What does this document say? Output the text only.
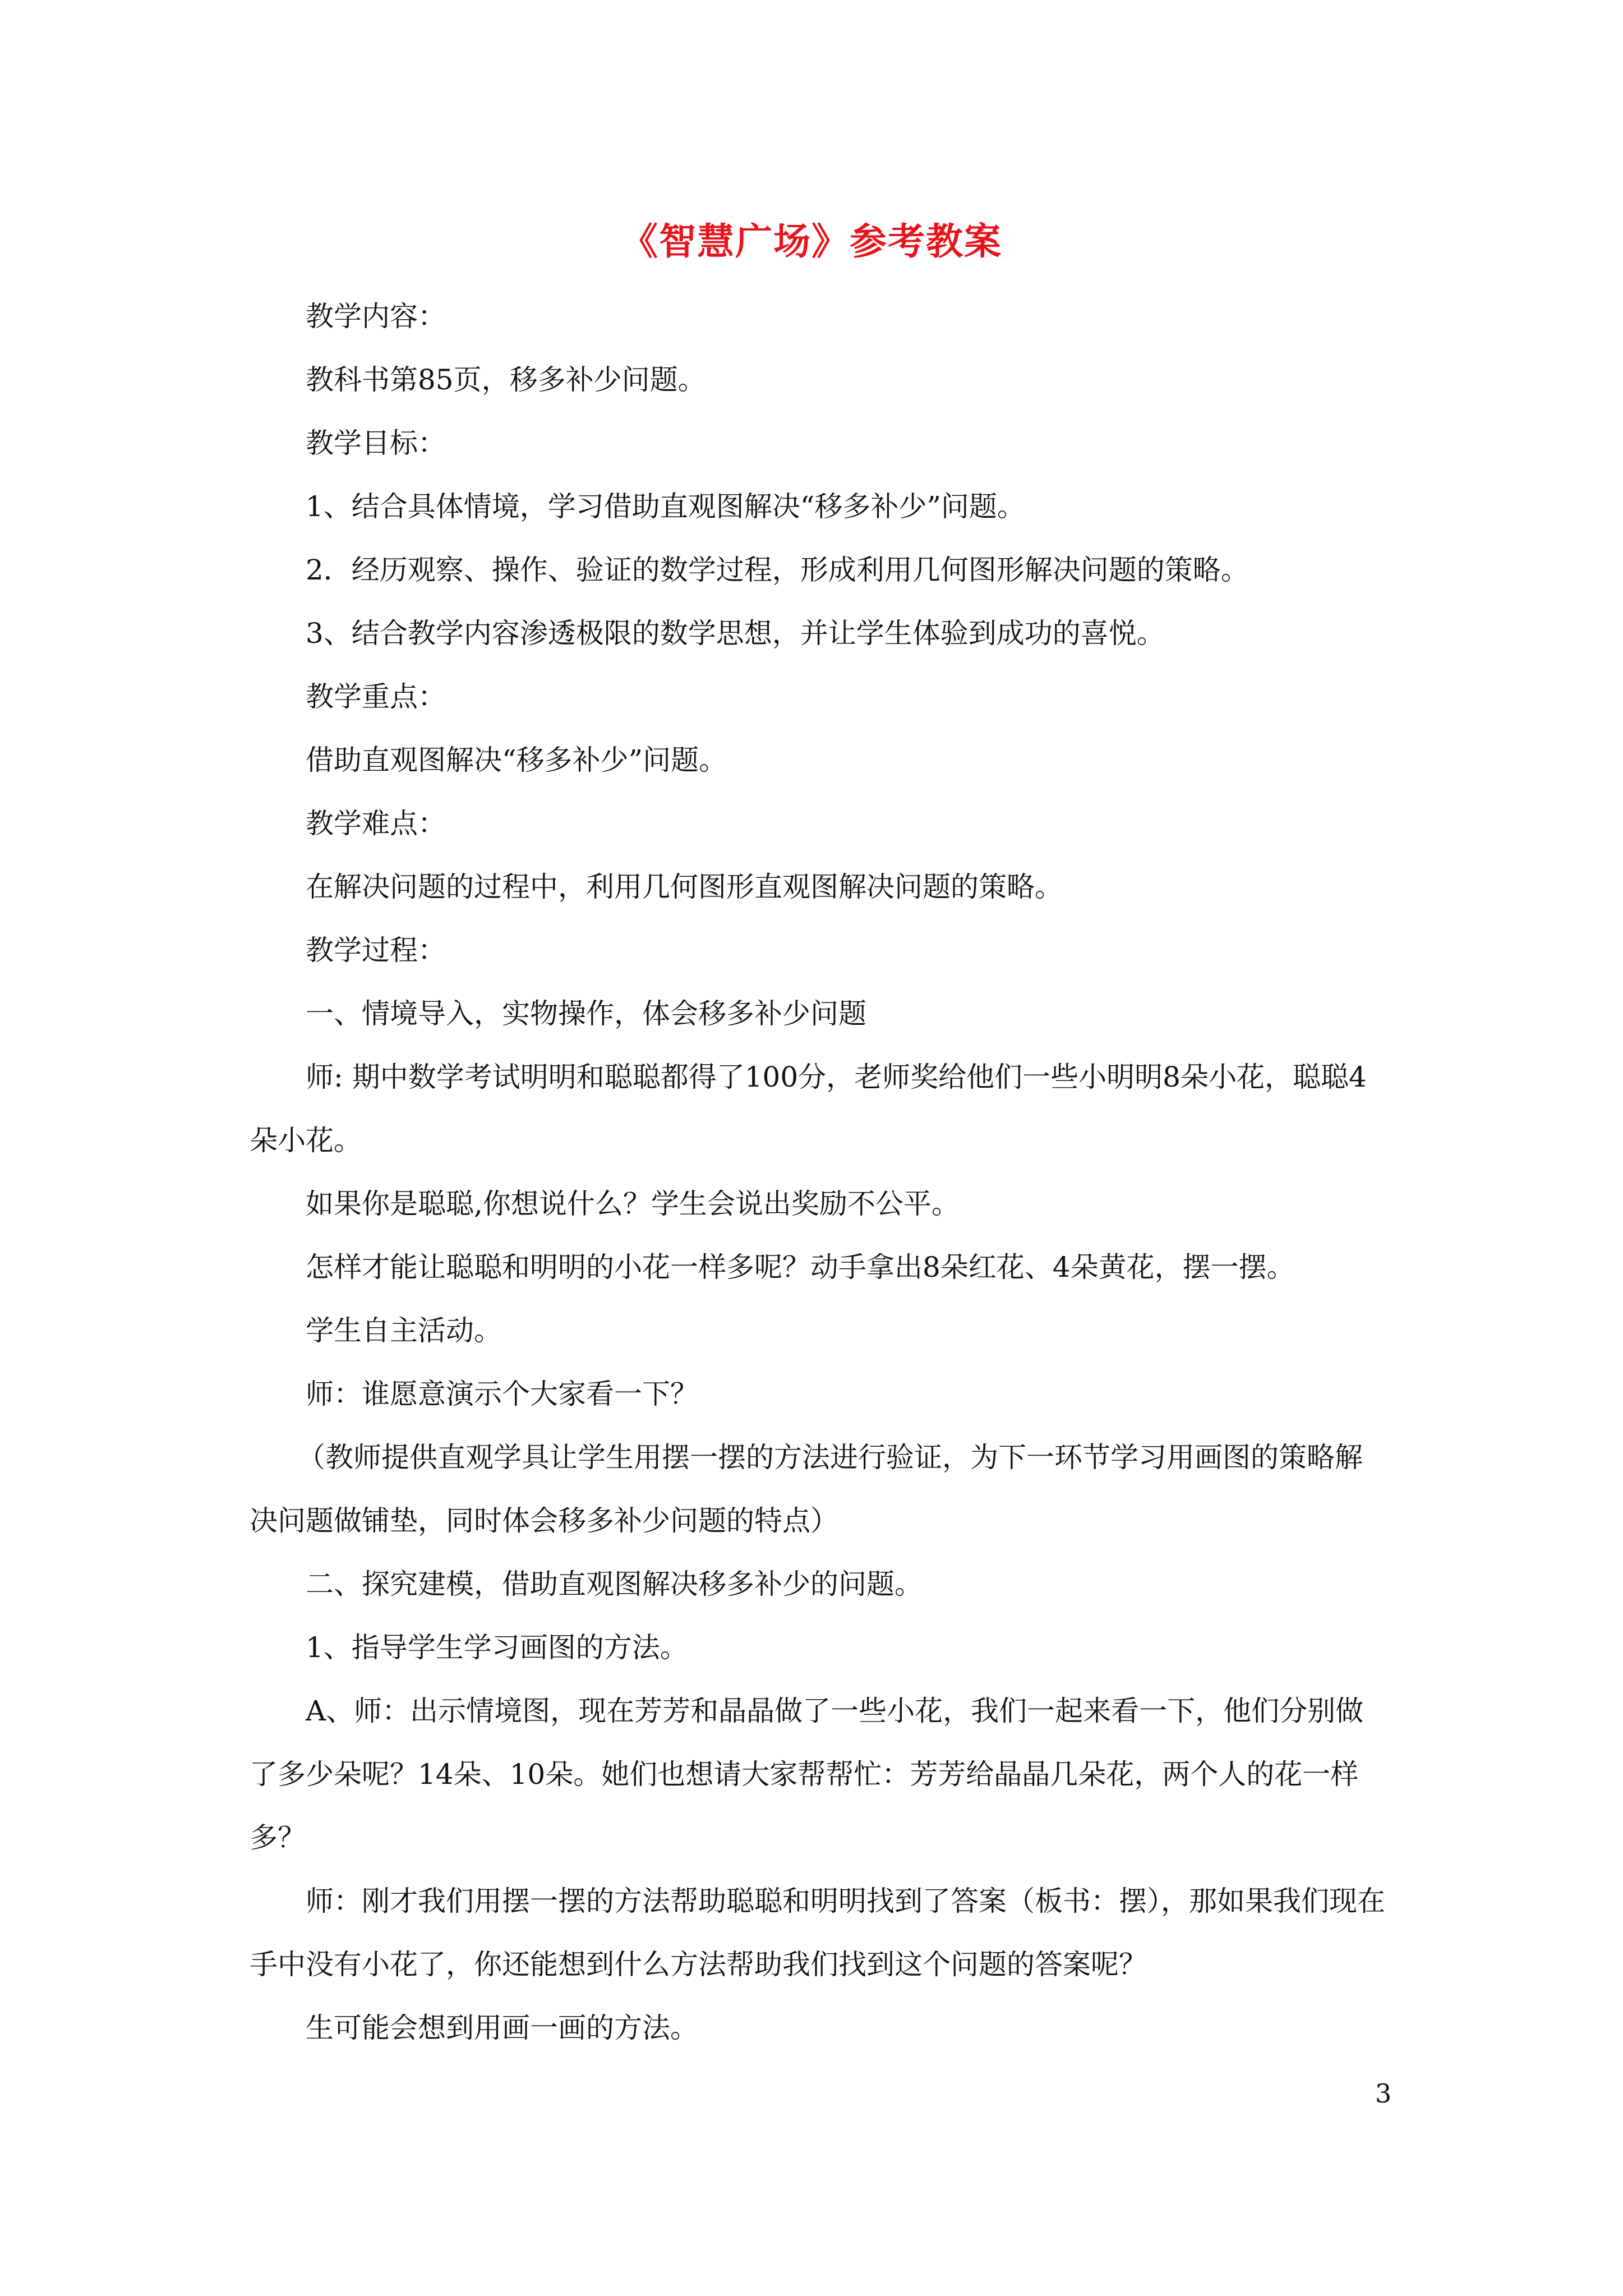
《智慧广场》参考教案

教学内容：

教科书第85页，移多补少问题。

教学目标：

1、结合具体情境，学习借助直观图解决“移多补少”问题。

2．经历观察、操作、验证的数学过程，形成利用几何图形解决问题的策略。

3、结合教学内容渗透极限的数学思想，并让学生体验到成功的喜悦。

教学重点：

借助直观图解决“移多补少”问题。

教学难点：

在解决问题的过程中，利用几何图形直观图解决问题的策略。

教学过程：

一、情境导入，实物操作，体会移多补少问题

师: 期中数学考试明明和聪聪都得了100分，老师奖给他们一些小明明8朵小花，聪聪4朵小花。

如果你是聪聪,你想说什么？学生会说出奖励不公平。

怎样才能让聪聪和明明的小花一样多呢？动手拿出8朵红花、4朵黄花，摆一摆。

学生自主活动。

师：谁愿意演示个大家看一下？

（教师提供直观学具让学生用摆一摆的方法进行验证，为下一环节学习用画图的策略解决问题做铺垫，同时体会移多补少问题的特点）

二、探究建模，借助直观图解决移多补少的问题。

1、指导学生学习画图的方法。

A、师：出示情境图，现在芳芳和晶晶做了一些小花，我们一起来看一下，他们分别做了多少朵呢？14朵、10朵。她们也想请大家帮帮忙：芳芳给晶晶几朵花，两个人的花一样多？

师：刚才我们用摆一摆的方法帮助聪聪和明明找到了答案（板书：摆），那如果我们现在手中没有小花了，你还能想到什么方法帮助我们找到这个问题的答案呢？

生可能会想到用画一画的方法。

3
